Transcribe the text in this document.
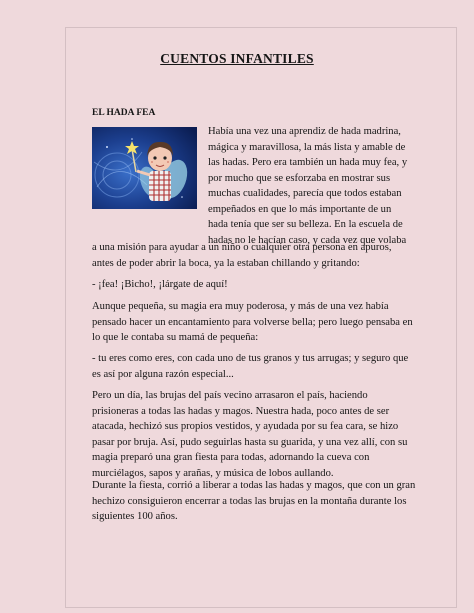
CUENTOS INFANTILES
EL HADA FEA
Había una vez una aprendiz de hada madrina,
mágica y maravillosa, la más lista y amable de
las hadas. Pero era también un hada muy fea, y
por mucho que se esforzaba en mostrar sus
muchas cualidades, parecía que todos estaban
empeñados en que lo más importante de un
hada tenía que ser su belleza. En la escuela de
hadas no le hacían caso, y cada vez que volaba
a una misión para ayudar a un niño o cualquier otra persona en apuros,
antes de poder abrir la boca, ya la estaban chillando y gritando:
- ¡fea! ¡Bicho!, ¡lárgate de aquí!
Aunque pequeña, su magia era muy poderosa, y más de una vez había
pensado hacer un encantamiento para volverse bella; pero luego pensaba en
lo que le contaba su mamá de pequeña:
- tu eres como eres, con cada uno de tus granos y tus arrugas; y seguro que
es así por alguna razón especial...
Pero un día, las brujas del país vecino arrasaron el país, haciendo
prisioneras a todas las hadas y magos. Nuestra hada, poco antes de ser
atacada, hechizó sus propios vestidos, y ayudada por su fea cara, se hizo
pasar por bruja. Así, pudo seguirlas hasta su guarida, y una vez allí, con su
magia preparó una gran fiesta para todas, adornando la cueva con
murciélagos, sapos y arañas, y música de lobos aullando.
Durante la fiesta, corrió a liberar a todas las hadas y magos, que con un gran
hechizo consiguieron encerrar a todas las brujas en la montaña durante los
siguientes 100 años.
